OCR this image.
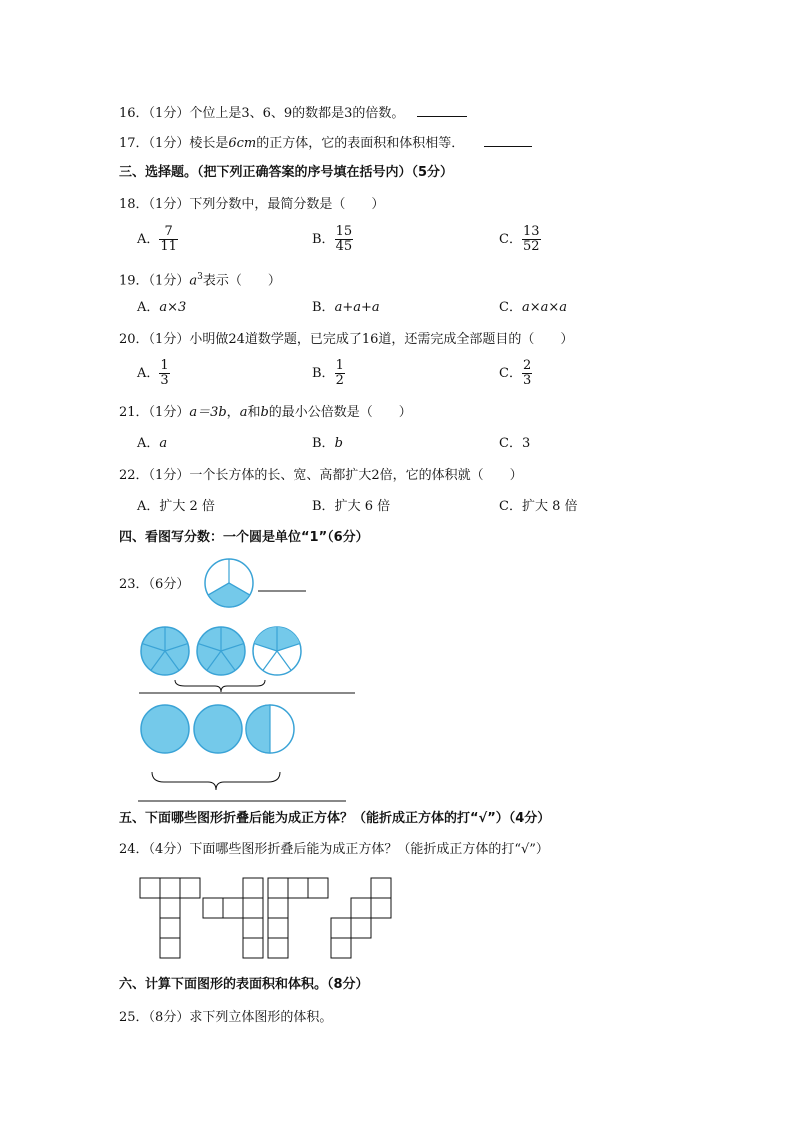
16．（1分）个位上是3、6、9的数都是3的倍数。
17．（1分）棱长是6cm的正方体，它的表面积和体积相等．
三、选择题。（把下列正确答案的序号填在括号内）（5分）
18．（1分）下列分数中，最简分数是（　　）
A． $\frac{7}{11}$	B． $\frac{15}{45}$	C． $\frac{13}{52}$
19．（1分）$a^3$表示（　　）
A．a×3	B．a+a+a	C．a×a×a
20．（1分）小明做24道数学题，已完成了16道，还需完成全部题目的（　　）
A． $\frac{1}{3}$	B． $\frac{1}{2}$	C． $\frac{2}{3}$
21．（1分）a＝3b，a和b的最小公倍数是（　　）
A．a	B．b	C．3
22．（1分）一个长方体的长、宽、高都扩大2倍，它的体积就（　　）
A．扩大 2 倍	B．扩大 6 倍	C．扩大 8 倍
四、看图写分数：一个圆是单位“1”（6分）
23．（6分）
五、下面哪些图形折叠后能为成正方体？（能折成正方体的打“√”）（4分）
24．（4分）下面哪些图形折叠后能为成正方体？（能折成正方体的打“√”）
六、计算下面图形的表面积和体积。（8分）
25．（8分）求下列立体图形的体积。
